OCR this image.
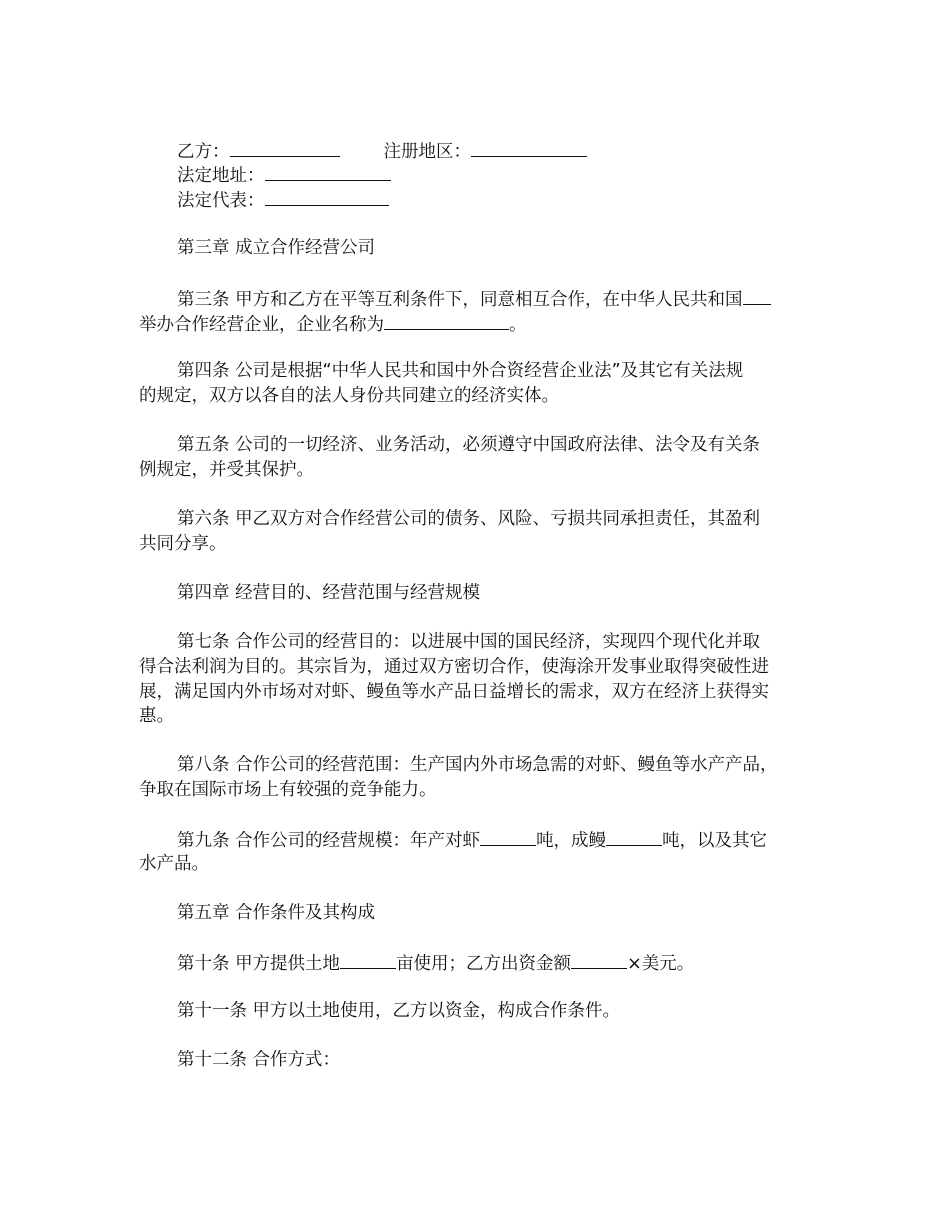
乙方：	注册地区：
法定地址：
法定代表：
第三章 成立合作经营公司
第三条 甲方和乙方在平等互利条件下，同意相互合作，在中华人民共和国
举办合作经营企业，企业名称为	。
第四条 公司是根据“中华人民共和国中外合资经营企业法”及其它有关法规
的规定，双方以各自的法人身份共同建立的经济实体。
第五条 公司的一切经济、业务活动，必须遵守中国政府法律、法令及有关条
例规定，并受其保护。
第六条 甲乙双方对合作经营公司的债务、风险、亏损共同承担责任，其盈利
共同分享。
第四章 经营目的、经营范围与经营规模
第七条 合作公司的经营目的：以进展中国的国民经济，实现四个现代化并取
得合法利润为目的。其宗旨为，通过双方密切合作，使海涂开发事业取得突破性进
展，满足国内外市场对对虾、鳗鱼等水产品日益增长的需求，双方在经济上获得实
惠。
第八条 合作公司的经营范围：生产国内外市场急需的对虾、鳗鱼等水产产品，
争取在国际市场上有较强的竞争能力。
第九条 合作公司的经营规模：年产对虾	吨，成鳗	吨，以及其它
水产品。
第五章 合作条件及其构成
第十条 甲方提供土地	亩使用；乙方出资金额	×美元。
第十一条 甲方以土地使用，乙方以资金，构成合作条件。
第十二条 合作方式：
